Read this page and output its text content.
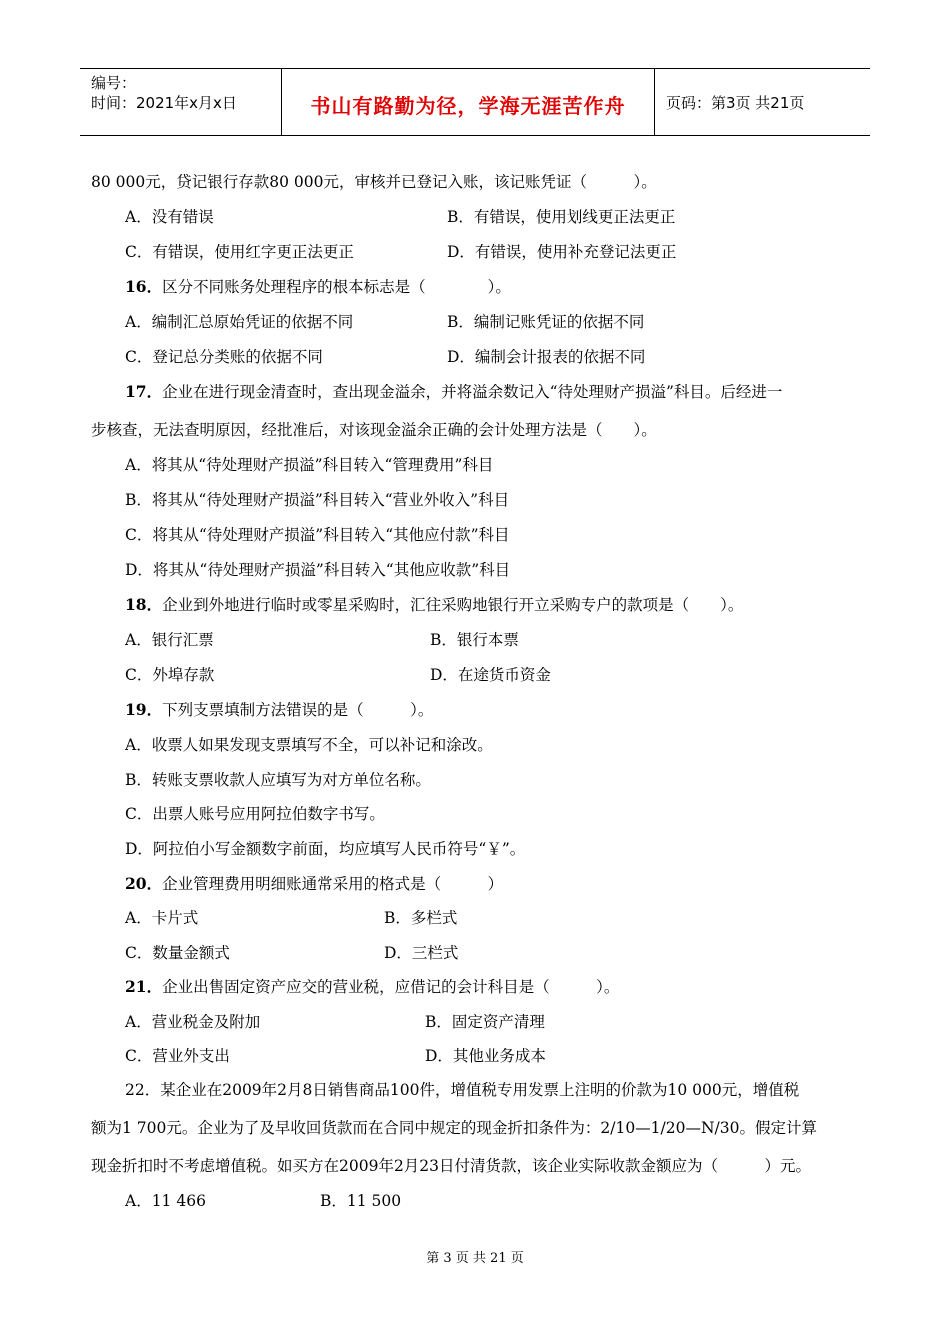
编号：
时间：2021年x月x日	书山有路勤为径，学海无涯苦作舟	页码：第3页 共21页
80 000元，贷记银行存款80 000元，审核并已登记入账，该记账凭证（　　　）。
A．没有错误	B．有错误，使用划线更正法更正
C．有错误，使用红字更正法更正	D．有错误，使用补充登记法更正
16．区分不同账务处理程序的根本标志是（　　　　）。
A．编制汇总原始凭证的依据不同	B．编制记账凭证的依据不同
C．登记总分类账的依据不同	D．编制会计报表的依据不同
17．企业在进行现金清查时，查出现金溢余，并将溢余数记入“待处理财产损溢”科目。后经进一
步核查，无法查明原因，经批准后，对该现金溢余正确的会计处理方法是（　　）。
A．将其从“待处理财产损溢”科目转入“管理费用”科目
B．将其从“待处理财产损溢”科目转入“营业外收入”科目
C．将其从“待处理财产损溢”科目转入“其他应付款”科目
D．将其从“待处理财产损溢”科目转入“其他应收款”科目
18．企业到外地进行临时或零星采购时，汇往采购地银行开立采购专户的款项是（　　）。
A．银行汇票	B．银行本票
C．外埠存款	D．在途货币资金
19．下列支票填制方法错误的是（　　　）。
A．收票人如果发现支票填写不全，可以补记和涂改。
B．转账支票收款人应填写为对方单位名称。
C．出票人账号应用阿拉伯数字书写。
D．阿拉伯小写金额数字前面，均应填写人民币符号“￥”。
20．企业管理费用明细账通常采用的格式是（　　　）
A．卡片式	B．多栏式
C．数量金额式	D．三栏式
21．企业出售固定资产应交的营业税，应借记的会计科目是（　　　）。
A．营业税金及附加	B．固定资产清理
C．营业外支出	D．其他业务成本
22．某企业在2009年2月8日销售商品100件，增值税专用发票上注明的价款为10 000元，增值税
额为1 700元。企业为了及早收回货款而在合同中规定的现金折扣条件为：2/10—1/20—N/30。假定计算
现金折扣时不考虑增值税。如买方在2009年2月23日付清货款，该企业实际收款金额应为（　　　）元。
A．11 466	B．11 500
第 3 页 共 21 页
